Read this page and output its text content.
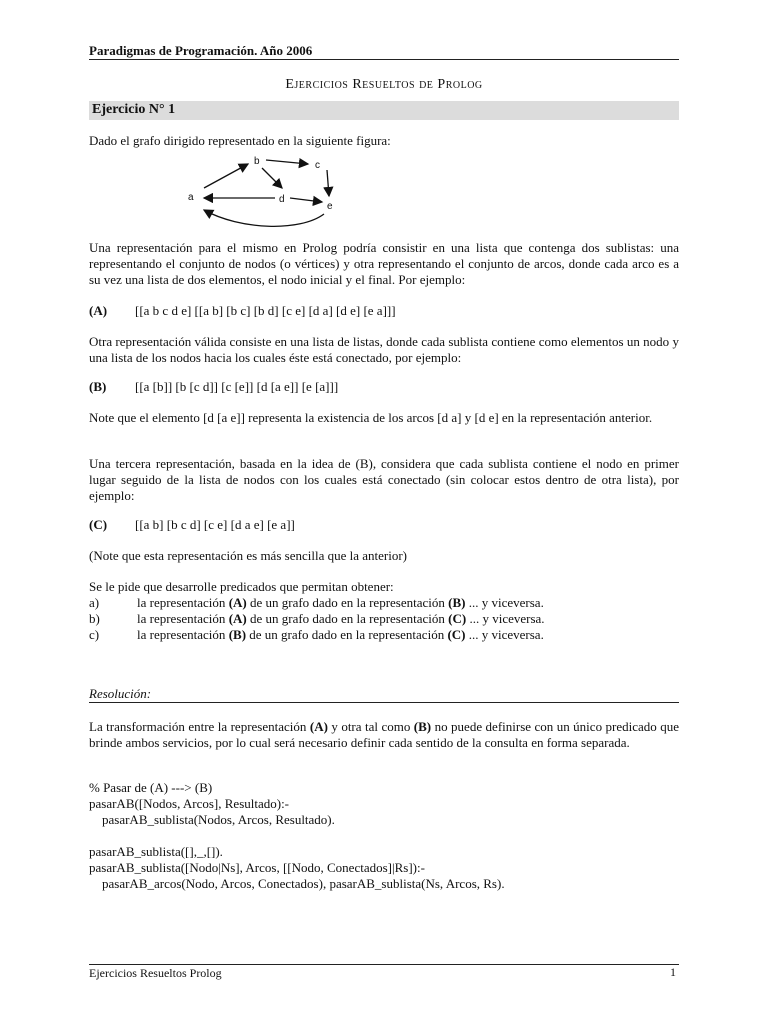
Paradigmas de Programación. Año 2006
Ejercicios Resueltos de Prolog
Ejercicio N° 1
Dado el grafo dirigido representado en la siguiente figura:
a
b	c
d
e
Una representación para el mismo en Prolog podría consistir en una lista que contenga dos sublistas: una representando el conjunto de nodos (o vértices) y otra representando el conjunto de arcos, donde cada arco es a su vez una lista de dos elementos, el nodo inicial y el final. Por ejemplo:
(A) [[a b c d e] [[a b] [b c] [b d] [c e] [d a] [d e] [e a]]]
Otra representación válida consiste en una lista de listas, donde cada sublista contiene como elementos un nodo y una lista de los nodos hacia los cuales éste está conectado, por ejemplo:
(B) [[a [b]] [b [c d]] [c [e]] [d [a e]] [e [a]]]
Note que el elemento [d [a e]] representa la existencia de los arcos [d a] y [d e] en la representación anterior.
Una tercera representación, basada en la idea de (B), considera que cada sublista contiene el nodo en primer lugar seguido de la lista de nodos con los cuales está conectado (sin colocar estos dentro de otra lista), por ejemplo:
(C) [[a b] [b c d] [c e] [d a e] [e a]]
(Note que esta representación es más sencilla que la anterior)
Se le pide que desarrolle predicados que permitan obtener:
a)	la representación (A) de un grafo dado en la representación (B) ... y viceversa.
b)	la representación (A) de un grafo dado en la representación (C) ... y viceversa.
c)	la representación (B) de un grafo dado en la representación (C) ... y viceversa.
Resolución:
La transformación entre la representación (A) y otra tal como (B) no puede definirse con un único predicado que brinde ambos servicios, por lo cual será necesario definir cada sentido de la consulta en forma separada.
% Pasar de (A) ---> (B)
pasarAB([Nodos, Arcos], Resultado):-
pasarAB_sublista(Nodos, Arcos, Resultado).
pasarAB_sublista([],_,[]).
pasarAB_sublista([Nodo|Ns], Arcos, [[Nodo, Conectados]|Rs]):-
pasarAB_arcos(Nodo, Arcos, Conectados), pasarAB_sublista(Ns, Arcos, Rs).
Ejercicios Resueltos Prolog	1
